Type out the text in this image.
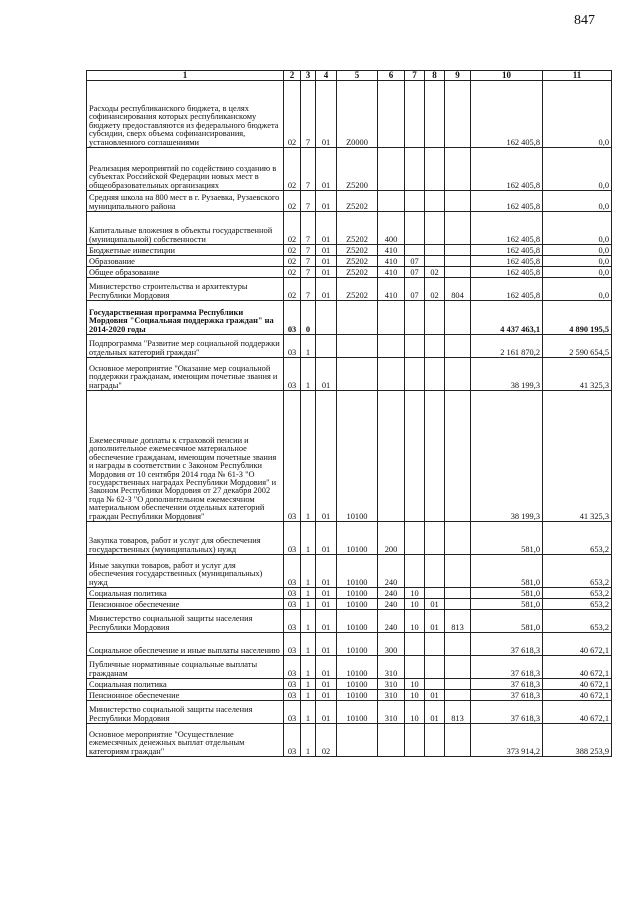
847
1	2	3	4	5	6	7	8	9	10	11
Расходы республиканского бюджета, в целях софинансирования которых республиканскому бюджету предоставляются из федерального бюджета субсидии, сверх объема софинансирования, установленного соглашениями	02	7	01	Z0000					162 405,8	0,0
Реализация мероприятий по содействию созданию в субъектах Российской Федерации новых мест в общеобразовательных организациях	02	7	01	Z5200					162 405,8	0,0
Средняя школа на 800 мест в г. Рузаевка, Рузаевского муниципального района	02	7	01	Z5202					162 405,8	0,0
Капитальные вложения в объекты государственной (муниципальной) собственности	02	7	01	Z5202	400				162 405,8	0,0
Бюджетные инвестиции	02	7	01	Z5202	410				162 405,8	0,0
Образование	02	7	01	Z5202	410	07			162 405,8	0,0
Общее образование	02	7	01	Z5202	410	07	02		162 405,8	0,0
Министерство строительства и архитектуры Республики Мордовия	02	7	01	Z5202	410	07	02	804	162 405,8	0,0
Государственная программа Республики Мордовия "Социальная поддержка граждан" на 2014-2020 годы	03	0							4 437 463,1	4 890 195,5
Подпрограмма "Развитие мер социальной поддержки отдельных категорий граждан"	03	1							2 161 870,2	2 590 654,5
Основное мероприятие "Оказание мер социальной поддержки гражданам, имеющим почетные звания и награды"	03	1	01						38 199,3	41 325,3
Ежемесячные доплаты к страховой пенсии и дополнительное ежемесячное материальное обеспечение гражданам, имеющим почетные звания и награды в соответствии с Законом Республики Мордовия от 10 сентября 2014 года № 61-З "О государственных наградах Республики Мордовия" и Законом Республики Мордовия от 27 декабря 2002 года № 62-З "О дополнительном ежемесячном материальном обеспечении отдельных категорий граждан Республики Мордовия"	03	1	01	10100					38 199,3	41 325,3
Закупка товаров, работ и услуг для обеспечения государственных (муниципальных) нужд	03	1	01	10100	200				581,0	653,2
Иные закупки товаров, работ и услуг для обеспечения государственных (муниципальных) нужд	03	1	01	10100	240				581,0	653,2
Социальная политика	03	1	01	10100	240	10			581,0	653,2
Пенсионное обеспечение	03	1	01	10100	240	10	01		581,0	653,2
Министерство социальной защиты населения Республики Мордовия	03	1	01	10100	240	10	01	813	581,0	653,2
Социальное обеспечение и иные выплаты населению	03	1	01	10100	300				37 618,3	40 672,1
Публичные нормативные социальные выплаты гражданам	03	1	01	10100	310				37 618,3	40 672,1
Социальная политика	03	1	01	10100	310	10			37 618,3	40 672,1
Пенсионное обеспечение	03	1	01	10100	310	10	01		37 618,3	40 672,1
Министерство социальной защиты населения Республики Мордовия	03	1	01	10100	310	10	01	813	37 618,3	40 672,1
Основное мероприятие "Осуществление ежемесячных денежных выплат отдельным категориям граждан"	03	1	02						373 914,2	388 253,9
